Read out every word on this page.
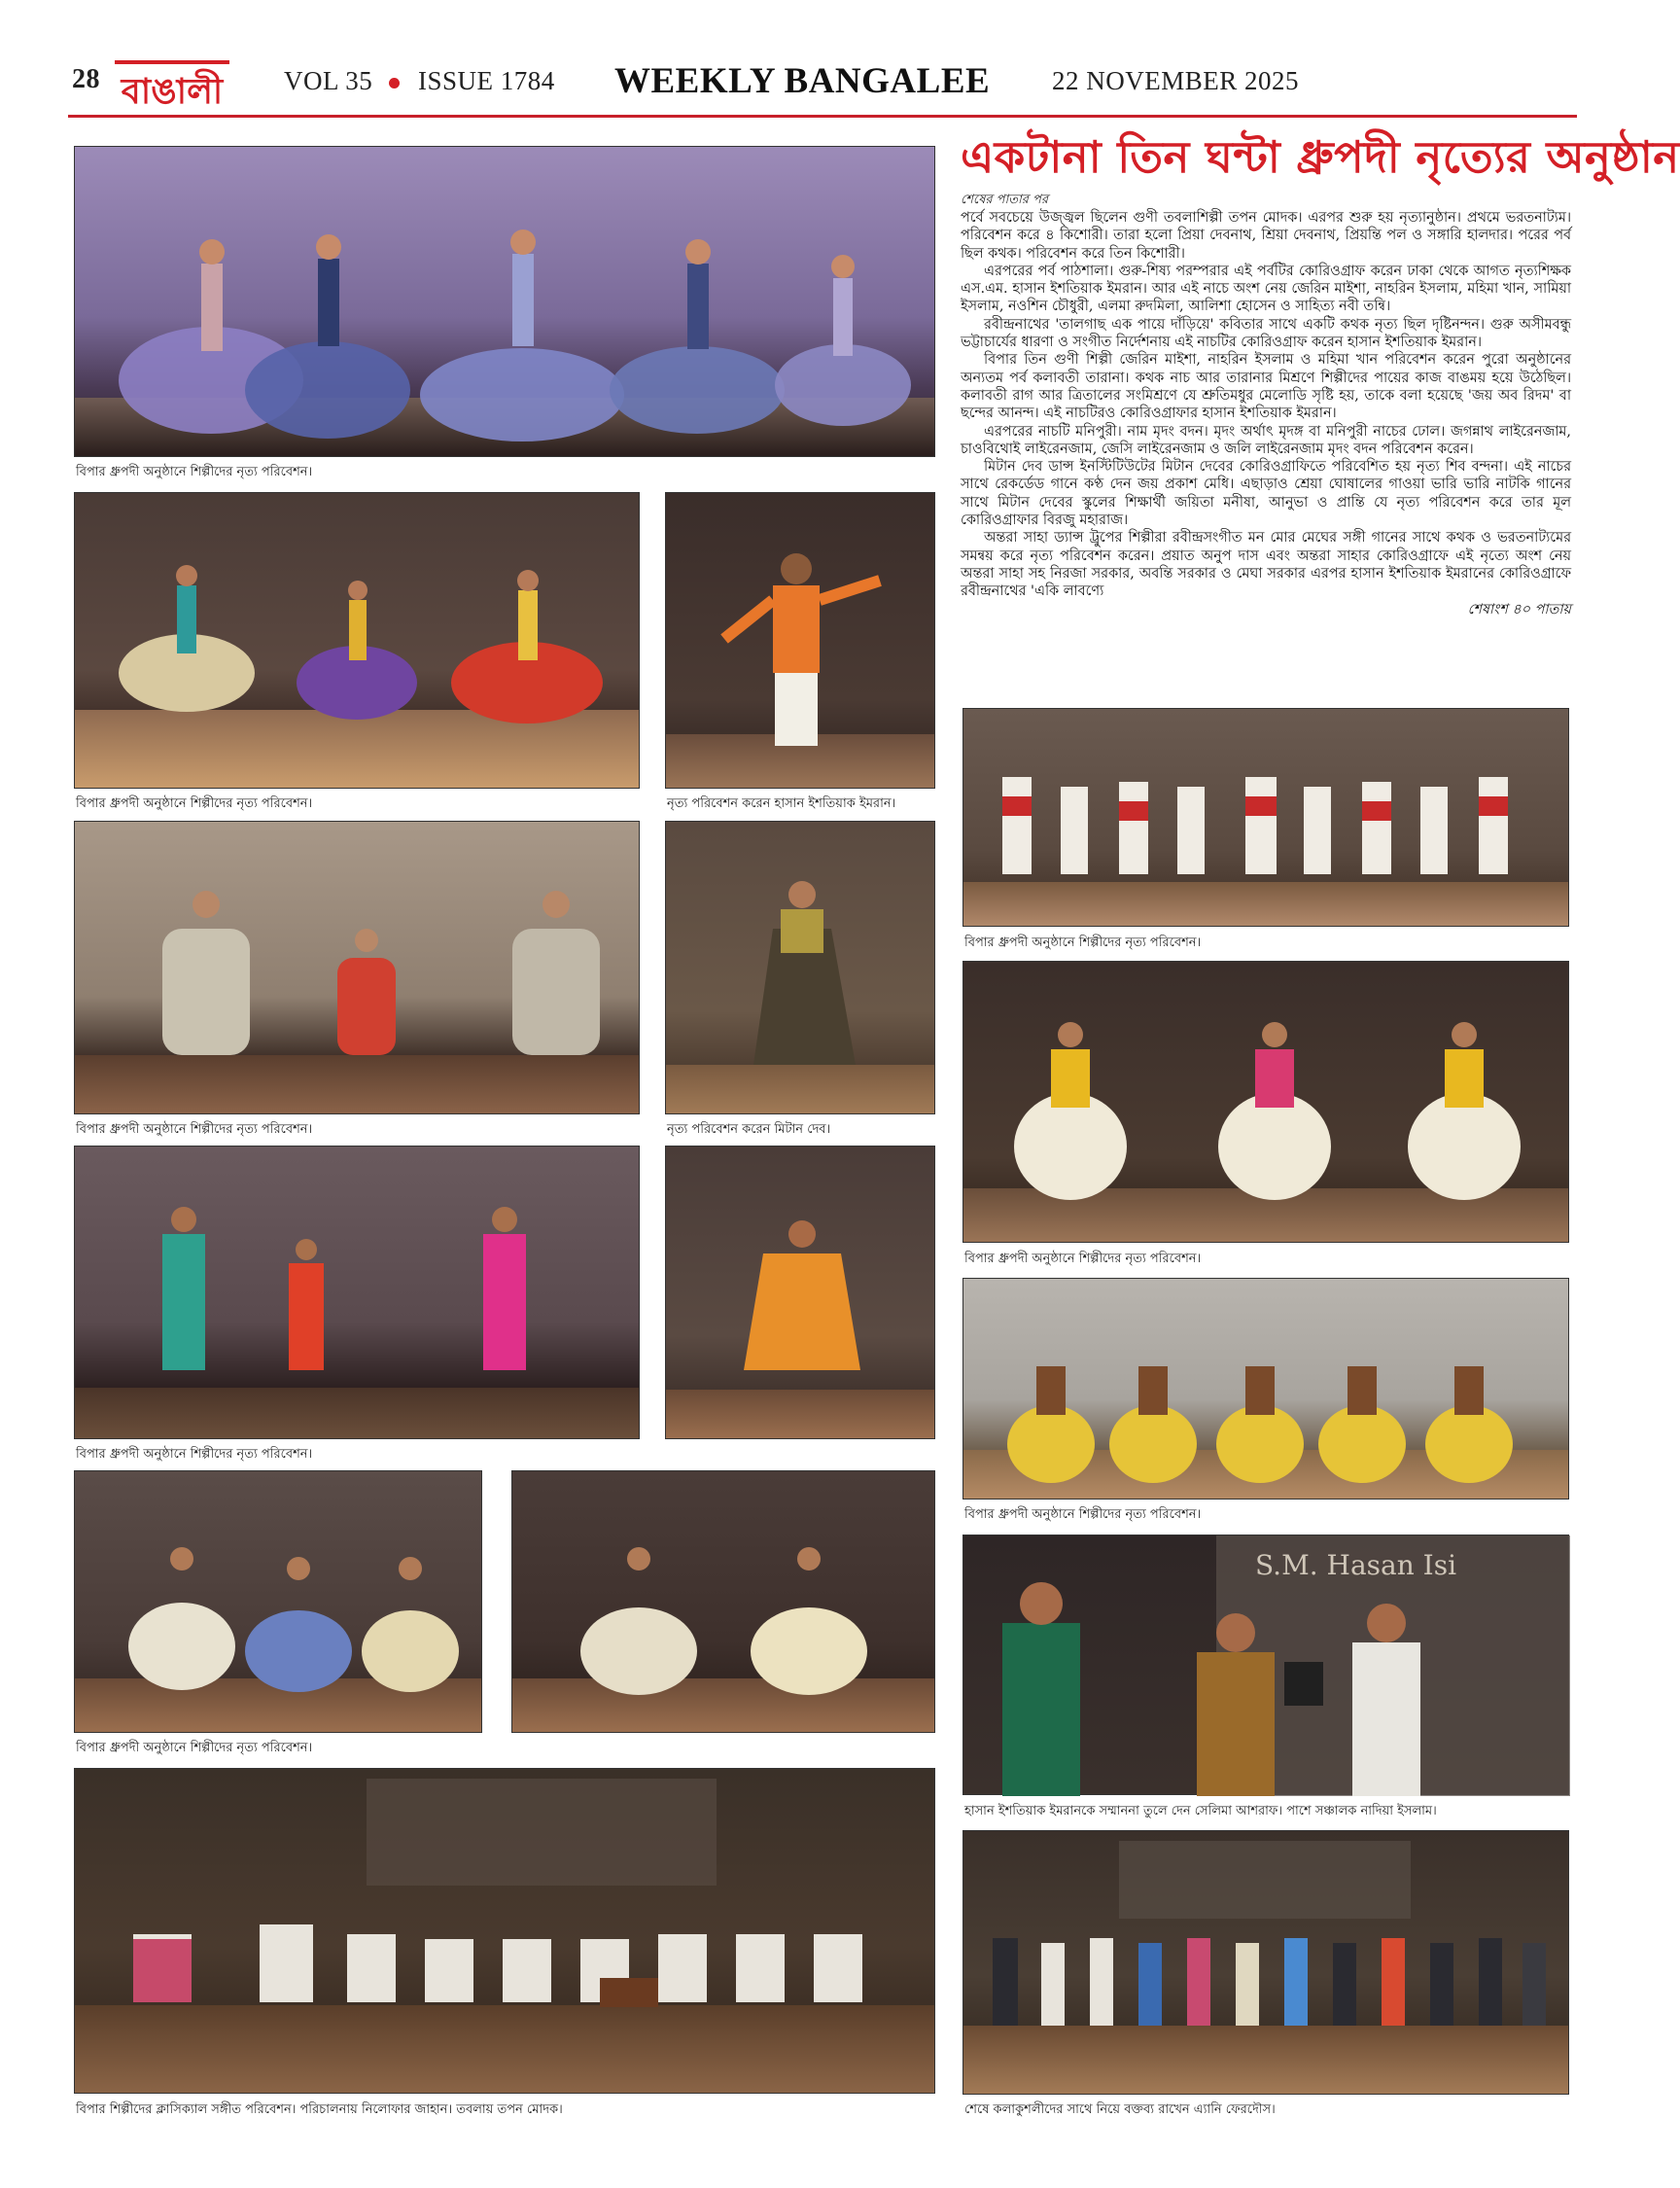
28 বাঙালী VOL 35 ISSUE 1784 WEEKLY BANGALEE 22 NOVEMBER 2025
একটানা তিন ঘন্টা ধ্রুপদী নৃত্যের অনুষ্ঠান
শেষের পাতার পর

পর্বে সবচেয়ে উজ্জ্বল ছিলেন গুণী তবলাশিল্পী তপন মোদক। এরপর শুরু হয় নৃত্যানুষ্ঠান। প্রথমে ভরতনাট্যম। পরিবেশন করে ৪ কিশোরী। তারা হলো প্রিয়া দেবনাথ, শ্রিয়া দেবনাথ, প্রিয়ন্তি পল ও সঙ্গারি হালদার। পরের পর্ব ছিল কথক। পরিবেশন করে তিন কিশোরী।

এরপরের পর্ব পাঠশালা। গুরু-শিষ্য পরম্পরার এই পর্বটির কোরিওগ্রাফ করেন ঢাকা থেকে আগত নৃত্যশিক্ষক এস.এম. হাসান ইশতিয়াক ইমরান। আর এই নাচে অংশ নেয় জেরিন মাইশা, নাহরিন ইসলাম, মহিমা খান, সামিয়া ইসলাম, নওশিন চৌধুরী, এলমা রুদমিলা, আলিশা হোসেন ও সাহিত্য নবী তন্বি।

রবীন্দ্রনাথের 'তালগাছ এক পায়ে দাঁড়িয়ে' কবিতার সাথে একটি কথক নৃত্য ছিল দৃষ্টিনন্দন। গুরু অসীমবন্ধু ভট্টাচার্যের ধারণা ও সংগীত নির্দেশনায় এই নাচটির কোরিওগ্রাফ করেন হাসান ইশতিয়াক ইমরান।

বিপার তিন গুণী শিল্পী জেরিন মাইশা, নাহরিন ইসলাম ও মহিমা খান পরিবেশন করেন পুরো অনুষ্ঠানের অন্যতম পর্ব কলাবতী তারানা। কথক নাচ আর তারানার মিশ্রণে শিল্পীদের পায়ের কাজ বাঙময় হয়ে উঠেছিল। কলাবতী রাগ আর ত্রিতালের সংমিশ্রণে যে শ্রুতিমধুর মেলোডি সৃষ্টি হয়, তাকে বলা হয়েছে 'জয় অব রিদম' বা ছন্দের আনন্দ। এই নাচটিরও কোরিওগ্রাফার হাসান ইশতিয়াক ইমরান।

এরপরের নাচটি মনিপুরী। নাম মৃদং বদন। মৃদং অর্থাৎ মৃদঙ্গ বা মনিপুরী নাচের ঢোল। জগন্নাথ লাইরেনজাম, চাওবিথোই লাইরেনজাম, জেসি লাইরেনজাম ও জলি লাইরেনজাম মৃদং বদন পরিবেশন করেন।

মিটান দেব ডান্স ইনস্টিটিউটের মিটান দেবের কোরিওগ্রাফিতে পরিবেশিত হয় নৃত্য শিব বন্দনা। এই নাচের সাথে রেকর্ডেড গানে কণ্ঠ দেন জয় প্রকাশ মেধি। এছাড়াও শ্রেয়া ঘোষালের গাওয়া ভারি ভারি নাটকি গানের সাথে মিটান দেবের স্কুলের শিক্ষার্থী জয়িতা মনীষা, আনুভা ও প্রান্তি যে নৃত্য পরিবেশন করে তার মূল কোরিওগ্রাফার বিরজু মহারাজ।

অন্তরা সাহা ড্যান্স ট্রুপের শিল্পীরা রবীন্দ্রসংগীত মন মোর মেঘের সঙ্গী গানের সাথে কথক ও ভরতনাট্যমের সমন্বয় করে নৃত্য পরিবেশন করেন। প্রয়াত অনুপ দাস এবং অন্তরা সাহার কোরিওগ্রাফে এই নৃত্যে অংশ নেয় অন্তরা সাহা সহ নিরজা সরকার, অবন্তি সরকার ও মেঘা সরকার এরপর হাসান ইশতিয়াক ইমরানের কোরিওগ্রাফে রবীন্দ্রনাথের 'একি লাবণ্যে

শেষাংশ ৪০ পাতায়
বিপার ধ্রুপদী অনুষ্ঠানে শিল্পীদের নৃত্য পরিবেশন।
বিপার ধ্রুপদী অনুষ্ঠানে শিল্পীদের নৃত্য পরিবেশন।	নৃত্য পরিবেশন করেন হাসান ইশতিয়াক ইমরান।
বিপার ধ্রুপদী অনুষ্ঠানে শিল্পীদের নৃত্য পরিবেশন।	নৃত্য পরিবেশন করেন মিটান দেব।
বিপার ধ্রুপদী অনুষ্ঠানে শিল্পীদের নৃত্য পরিবেশন।
বিপার ধ্রুপদী অনুষ্ঠানে শিল্পীদের নৃত্য পরিবেশন।
বিপার শিল্পীদের ক্লাসিক্যাল সঙ্গীত পরিবেশন। পরিচালনায় নিলোফার জাহান। তবলায় তপন মোদক।
বিপার ধ্রুপদী অনুষ্ঠানে শিল্পীদের নৃত্য পরিবেশন।
বিপার ধ্রুপদী অনুষ্ঠানে শিল্পীদের নৃত্য পরিবেশন।
বিপার ধ্রুপদী অনুষ্ঠানে শিল্পীদের নৃত্য পরিবেশন।
S.M. Hasan Isi
হাসান ইশতিয়াক ইমরানকে সম্মাননা তুলে দেন সেলিমা আশরাফ। পাশে সঞ্চালক নাদিয়া ইসলাম।
শেষে কলাকুশলীদের সাথে নিয়ে বক্তব্য রাখেন এ্যানি ফেরদৌস।
